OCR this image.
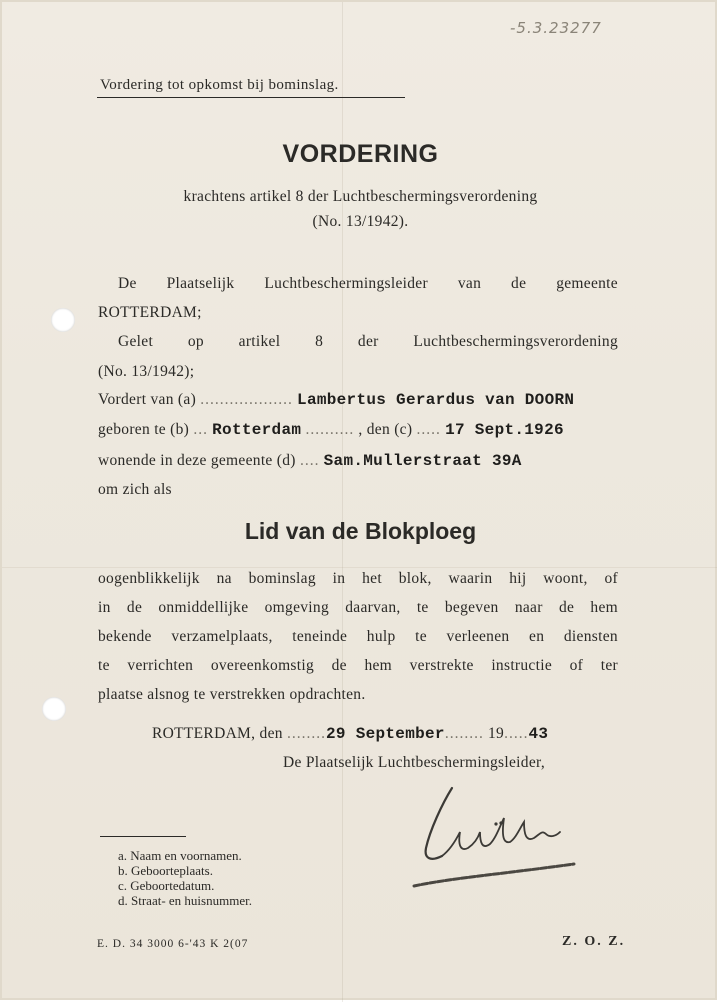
-5.3.23277
Vordering tot opkomst bij bominslag.
VORDERING
krachtens artikel 8 der Luchtbeschermingsverordening
(No. 13/1942).
De Plaatselijk Luchtbeschermingsleider van de gemeente
ROTTERDAM;
Gelet op artikel 8 der Luchtbeschermingsverordening
(No. 13/1942);
Vordert van (a) ................... Lambertus Gerardus van DOORN
geboren te (b) ... Rotterdam .......... , den (c) ..... 17 Sept.1926
wonende in deze gemeente (d) .... Sam.Mullerstraat 39A
om zich als
Lid van de Blokploeg
oogenblikkelijk na bominslag in het blok, waarin hij woont, of
in de onmiddellijke omgeving daarvan, te begeven naar de hem
bekende verzamelplaats, teneinde hulp te verleenen en diensten
te verrichten overeenkomstig de hem verstrekte instructie of ter
plaatse alsnog te verstrekken opdrachten.
ROTTERDAM, den ........29 September........ 19.....43
De Plaatselijk Luchtbeschermingsleider,
a. Naam en voornamen.
b. Geboorteplaats.
c. Geboortedatum.
d. Straat- en huisnummer.
E. D. 34 3000 6-'43 K 2(07	Z. O. Z.
